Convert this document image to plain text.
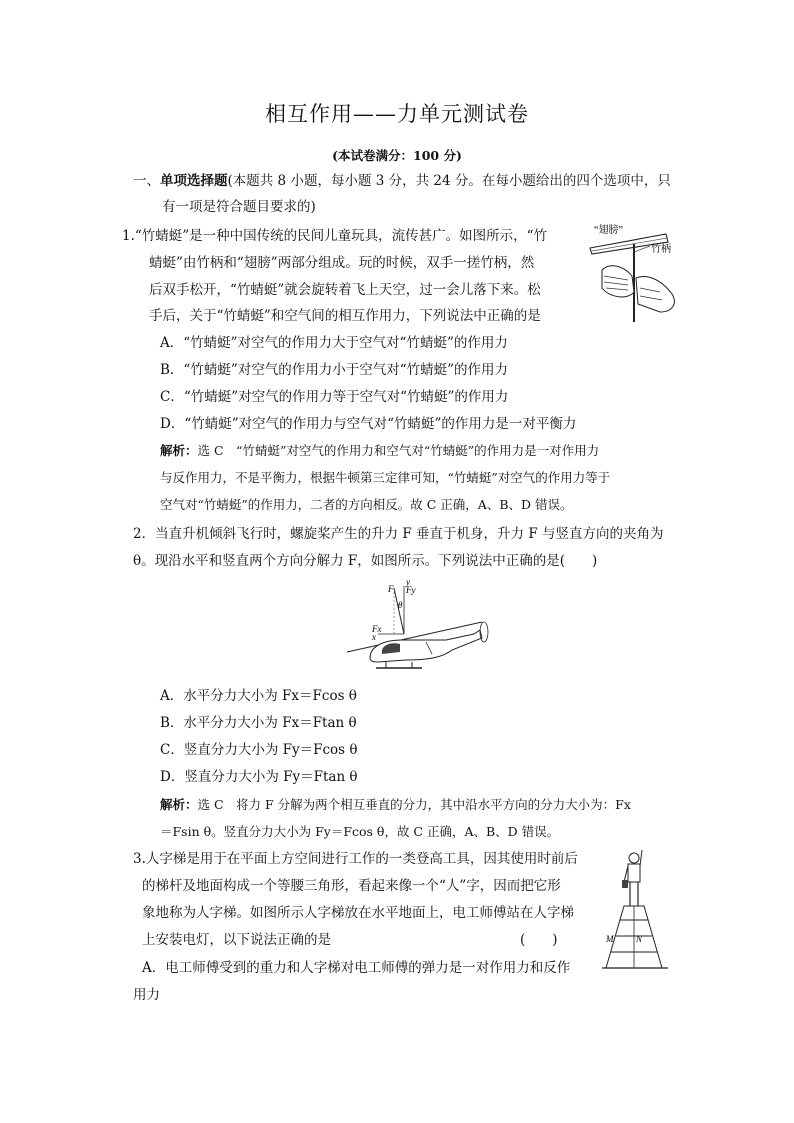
相互作用——力单元测试卷
(本试卷满分：100 分)
一、单项选择题(本题共 8 小题，每小题 3 分，共 24 分。在每小题给出的四个选项中，只
有一项是符合题目要求的)
1.“竹蜻蜓”是一种中国传统的民间儿童玩具，流传甚广。如图所示，“竹
蜻蜓”由竹柄和“翅膀”两部分组成。玩的时候，双手一搓竹柄，然
后双手松开，“竹蜻蜓”就会旋转着飞上天空，过一会儿落下来。松
手后，关于“竹蜻蜓”和空气间的相互作用力，下列说法中正确的是
“翅膀”
竹柄
A．“竹蜻蜓”对空气的作用力大于空气对“竹蜻蜓”的作用力
B．“竹蜻蜓”对空气的作用力小于空气对“竹蜻蜓”的作用力
C．“竹蜻蜓”对空气的作用力等于空气对“竹蜻蜓”的作用力
D．“竹蜻蜓”对空气的作用力与空气对“竹蜻蜓”的作用力是一对平衡力
解析：选 C　“竹蜻蜓”对空气的作用力和空气对“竹蜻蜓”的作用力是一对作用力
与反作用力，不是平衡力，根据牛顿第三定律可知，“竹蜻蜓”对空气的作用力等于
空气对“竹蜻蜓”的作用力，二者的方向相反。故 C 正确，A、B、D 错误。
2．当直升机倾斜飞行时，螺旋桨产生的升力 F 垂直于机身，升力 F 与竖直方向的夹角为
θ。现沿水平和竖直两个方向分解力 F，如图所示。下列说法中正确的是(　　)
F Fy
Fx
θ
x
y
A．水平分力大小为 Fx＝Fcos θ
B．水平分力大小为 Fx＝Ftan θ
C．竖直分力大小为 Fy＝Fcos θ
D．竖直分力大小为 Fy＝Ftan θ
解析：选 C　将力 F 分解为两个相互垂直的分力，其中沿水平方向的分力大小为：Fx
＝Fsin θ。竖直分力大小为 Fy＝Fcos θ，故 C 正确，A、B、D 错误。
3.人字梯是用于在平面上方空间进行工作的一类登高工具，因其使用时前后
的梯杆及地面构成一个等腰三角形，看起来像一个“人”字，因而把它形
象地称为人字梯。如图所示人字梯放在水平地面上，电工师傅站在人字梯
上安装电灯，以下说法正确的是	(　　)
A．电工师傅受到的重力和人字梯对电工师傅的弹力是一对作用力和反作
用力
M	N
